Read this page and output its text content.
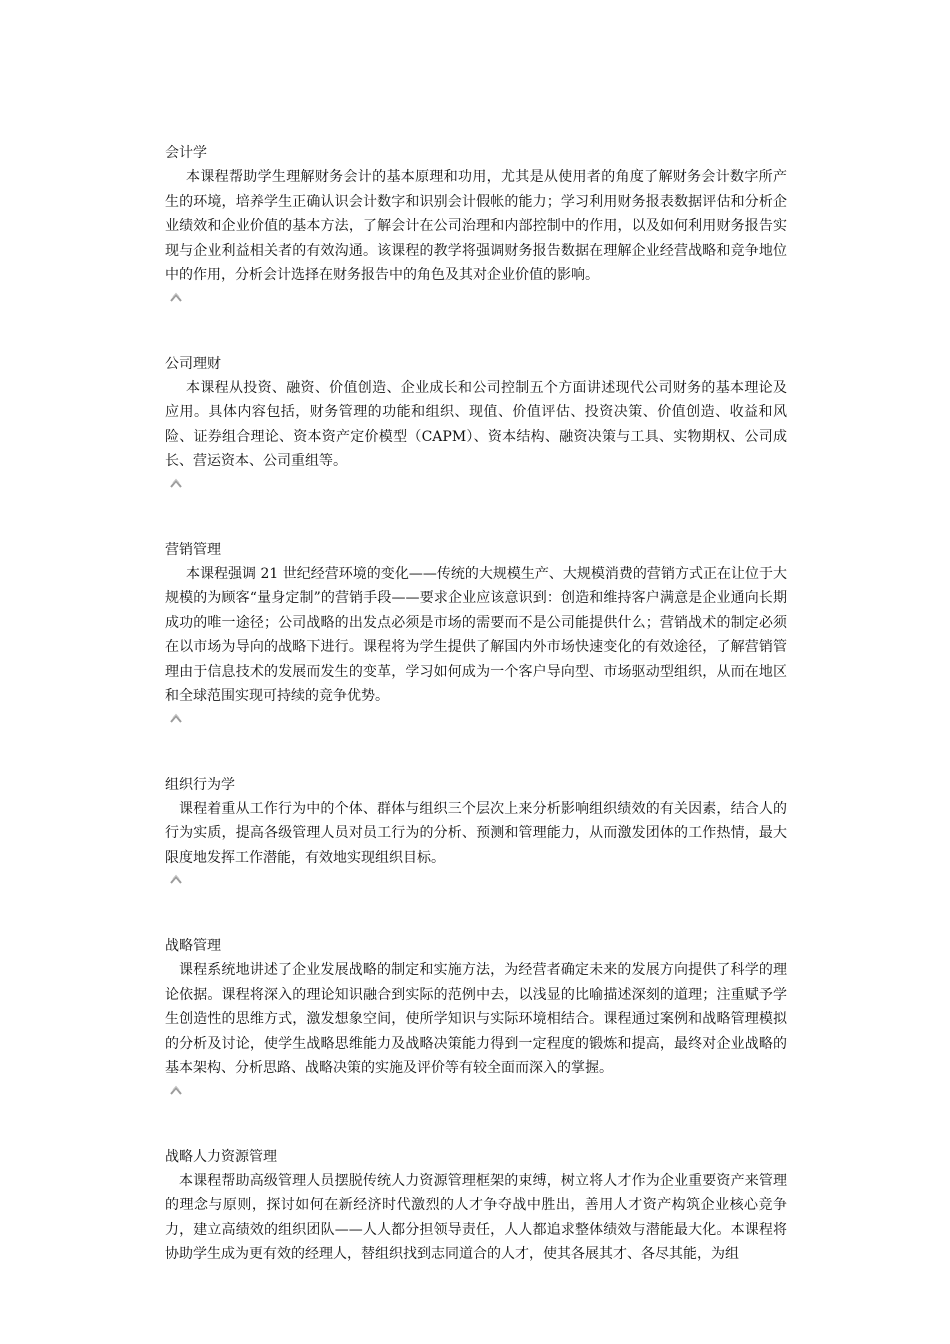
会计学

本课程帮助学生理解财务会计的基本原理和功用，尤其是从使用者的角度了解财务会计数字所产生的环境，培养学生正确认识会计数字和识别会计假帐的能力；学习利用财务报表数据评估和分析企业绩效和企业价值的基本方法，了解会计在公司治理和内部控制中的作用，以及如何利用财务报告实现与企业利益相关者的有效沟通。该课程的教学将强调财务报告数据在理解企业经营战略和竞争地位中的作用，分析会计选择在财务报告中的角色及其对企业价值的影响。

公司理财

本课程从投资、融资、价值创造、企业成长和公司控制五个方面讲述现代公司财务的基本理论及应用。具体内容包括，财务管理的功能和组织、现值、价值评估、投资决策、价值创造、收益和风险、证券组合理论、资本资产定价模型（CAPM）、资本结构、融资决策与工具、实物期权、公司成长、营运资本、公司重组等。

营销管理

本课程强调 21 世纪经营环境的变化——传统的大规模生产、大规模消费的营销方式正在让位于大规模的为顾客“量身定制”的营销手段——要求企业应该意识到：创造和维持客户满意是企业通向长期成功的唯一途径；公司战略的出发点必须是市场的需要而不是公司能提供什么；营销战术的制定必须在以市场为导向的战略下进行。课程将为学生提供了解国内外市场快速变化的有效途径，了解营销管理由于信息技术的发展而发生的变革，学习如何成为一个客户导向型、市场驱动型组织，从而在地区和全球范围实现可持续的竞争优势。

组织行为学

课程着重从工作行为中的个体、群体与组织三个层次上来分析影响组织绩效的有关因素，结合人的行为实质，提高各级管理人员对员工行为的分析、预测和管理能力，从而激发团体的工作热情，最大限度地发挥工作潜能，有效地实现组织目标。

战略管理

课程系统地讲述了企业发展战略的制定和实施方法，为经营者确定未来的发展方向提供了科学的理论依据。课程将深入的理论知识融合到实际的范例中去，以浅显的比喻描述深刻的道理；注重赋予学生创造性的思维方式，激发想象空间，使所学知识与实际环境相结合。课程通过案例和战略管理模拟的分析及讨论，使学生战略思维能力及战略决策能力得到一定程度的锻炼和提高，最终对企业战略的基本架构、分析思路、战略决策的实施及评价等有较全面而深入的掌握。

战略人力资源管理

本课程帮助高级管理人员摆脱传统人力资源管理框架的束缚，树立将人才作为企业重要资产来管理的理念与原则，探讨如何在新经济时代激烈的人才争夺战中胜出，善用人才资产构筑企业核心竞争力，建立高绩效的组织团队——人人都分担领导责任，人人都追求整体绩效与潜能最大化。本课程将协助学生成为更有效的经理人，替组织找到志同道合的人才，使其各展其才、各尽其能，为组
